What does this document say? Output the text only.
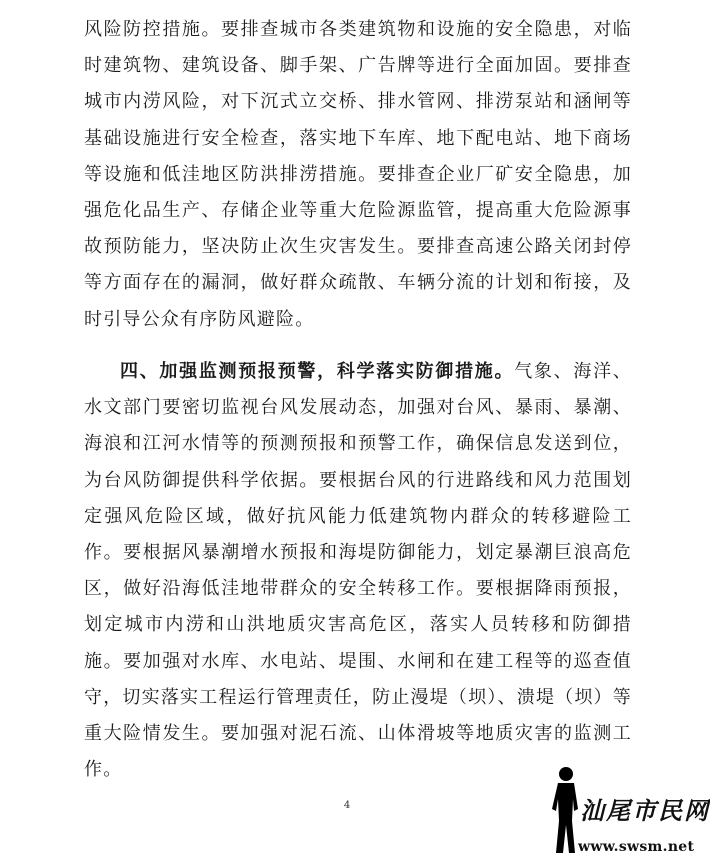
风险防控措施。要排查城市各类建筑物和设施的安全隐患，对临时建筑物、建筑设备、脚手架、广告牌等进行全面加固。要排查城市内涝风险，对下沉式立交桥、排水管网、排涝泵站和涵闸等基础设施进行安全检查，落实地下车库、地下配电站、地下商场等设施和低洼地区防洪排涝措施。要排查企业厂矿安全隐患，加强危化品生产、存储企业等重大危险源监管，提高重大危险源事故预防能力，坚决防止次生灾害发生。要排查高速公路关闭封停等方面存在的漏洞，做好群众疏散、车辆分流的计划和衔接，及时引导公众有序防风避险。

四、加强监测预报预警，科学落实防御措施。气象、海洋、水文部门要密切监视台风发展动态，加强对台风、暴雨、暴潮、海浪和江河水情等的预测预报和预警工作，确保信息发送到位，为台风防御提供科学依据。要根据台风的行进路线和风力范围划定强风危险区域，做好抗风能力低建筑物内群众的转移避险工作。要根据风暴潮增水预报和海堤防御能力，划定暴潮巨浪高危区，做好沿海低洼地带群众的安全转移工作。要根据降雨预报，划定城市内涝和山洪地质灾害高危区，落实人员转移和防御措施。要加强对水库、水电站、堤围、水闸和在建工程等的巡查值守，切实落实工程运行管理责任，防止漫堤（坝）、溃堤（坝）等重大险情发生。要加强对泥石流、山体滑坡等地质灾害的监测工作。

4	汕尾市民网
www.swsm.net
